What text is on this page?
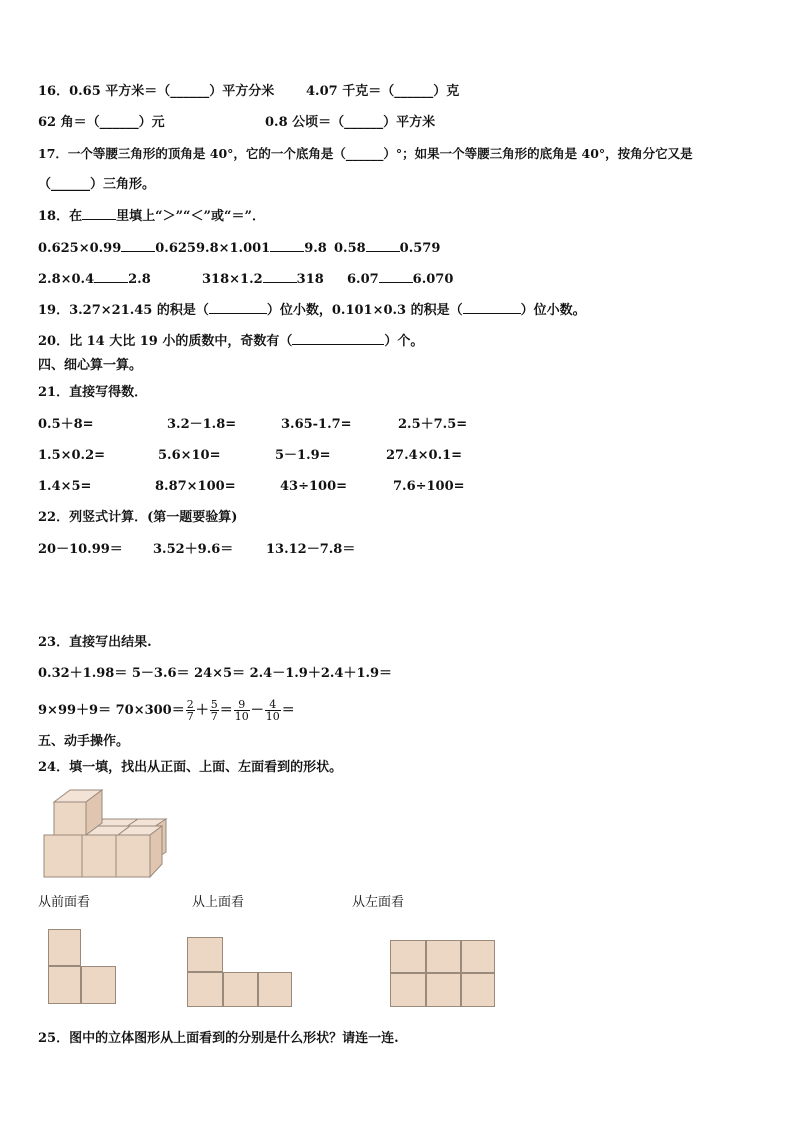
16．0.65 平方米＝（______）平方分米 4.07 千克＝（______）克
62 角＝（______）元	0.8 公顷＝（______）平方米
17．一个等腰三角形的顶角是 40°，它的一个底角是（______）°；如果一个等腰三角形的底角是 40°，按角分它又是
（______）三角形。
18．在	里填上“＞”“＜”或“＝”．
0.625×0.99	0.625 9.8×1.001	9.8 0.58	0.579
2.8×0.4	2.8	318×1.2	318 6.07	6.070
19．3.27×21.45 的积是（	）位小数，0.101×0.3 的积是（	）位小数。
20．比 14 大比 19 小的质数中，奇数有（	）个。
四、细心算一算。
21．直接写得数．
0.5＋8=	3.2－1.8=	3.65-1.7=	2.5＋7.5=
1.5×0.2=	5.6×10=	5－1.9=	27.4×0.1=
1.4×5=	8.87×100=	43÷100=	7.6÷100=
22．列竖式计算．(第一题要验算)
20－10.99＝ 3.52＋9.6＝	13.12－7.8＝
23．直接写出结果.
0.32＋1.98＝ 5－3.6＝ 24×5＝ 2.4－1.9＋2.4＋1.9＝
$9\times 99+9= 70\times 300= \frac{2}{7} + \frac{5}{7} = \frac{9}{10} - \frac{4}{10}$ ＝
五、动手操作。
24．填一填，找出从正面、上面、左面看到的形状。
从前面看	从上面看	从左面看
25．图中的立体图形从上面看到的分别是什么形状？请连一连.
